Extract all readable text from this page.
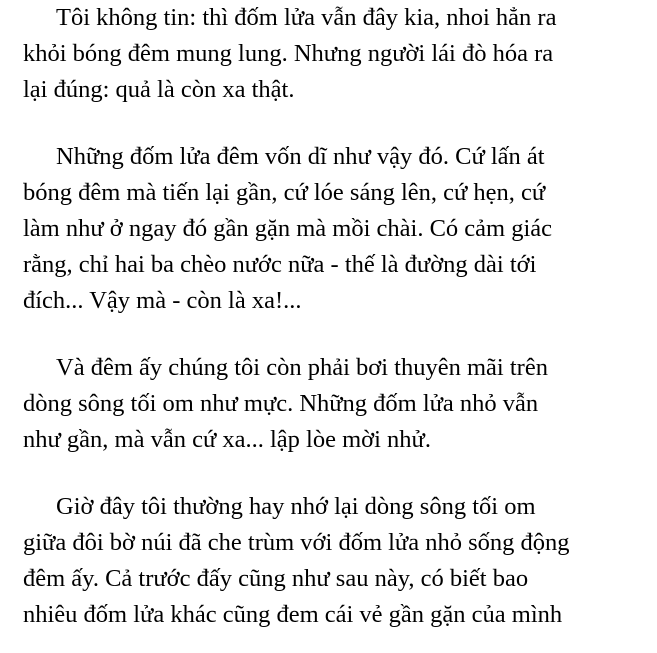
Tôi không tin: thì đốm lửa vẫn đây kia, nhoi hẳn ra
khỏi bóng đêm mung lung. Nhưng người lái đò hóa ra
lại đúng: quả là còn xa thật.

Những đốm lửa đêm vốn dĩ như vậy đó. Cứ lấn át
bóng đêm mà tiến lại gần, cứ lóe sáng lên, cứ hẹn, cứ
làm như ở ngay đó gần gặn mà mồi chài. Có cảm giác
rằng, chỉ hai ba chèo nước nữa - thế là đường dài tới
đích... Vậy mà - còn là xa!...

Và đêm ấy chúng tôi còn phải bơi thuyên mãi trên
dòng sông tối om như mực. Những đốm lửa nhỏ vẫn
như gần, mà vẫn cứ xa... lập lòe mời nhử.

Giờ đây tôi thường hay nhớ lại dòng sông tối om
giữa đôi bờ núi đã che trùm với đốm lửa nhỏ sống động
đêm ấy. Cả trước đấy cũng như sau này, có biết bao
nhiêu đốm lửa khác cũng đem cái vẻ gần gặn của mình
